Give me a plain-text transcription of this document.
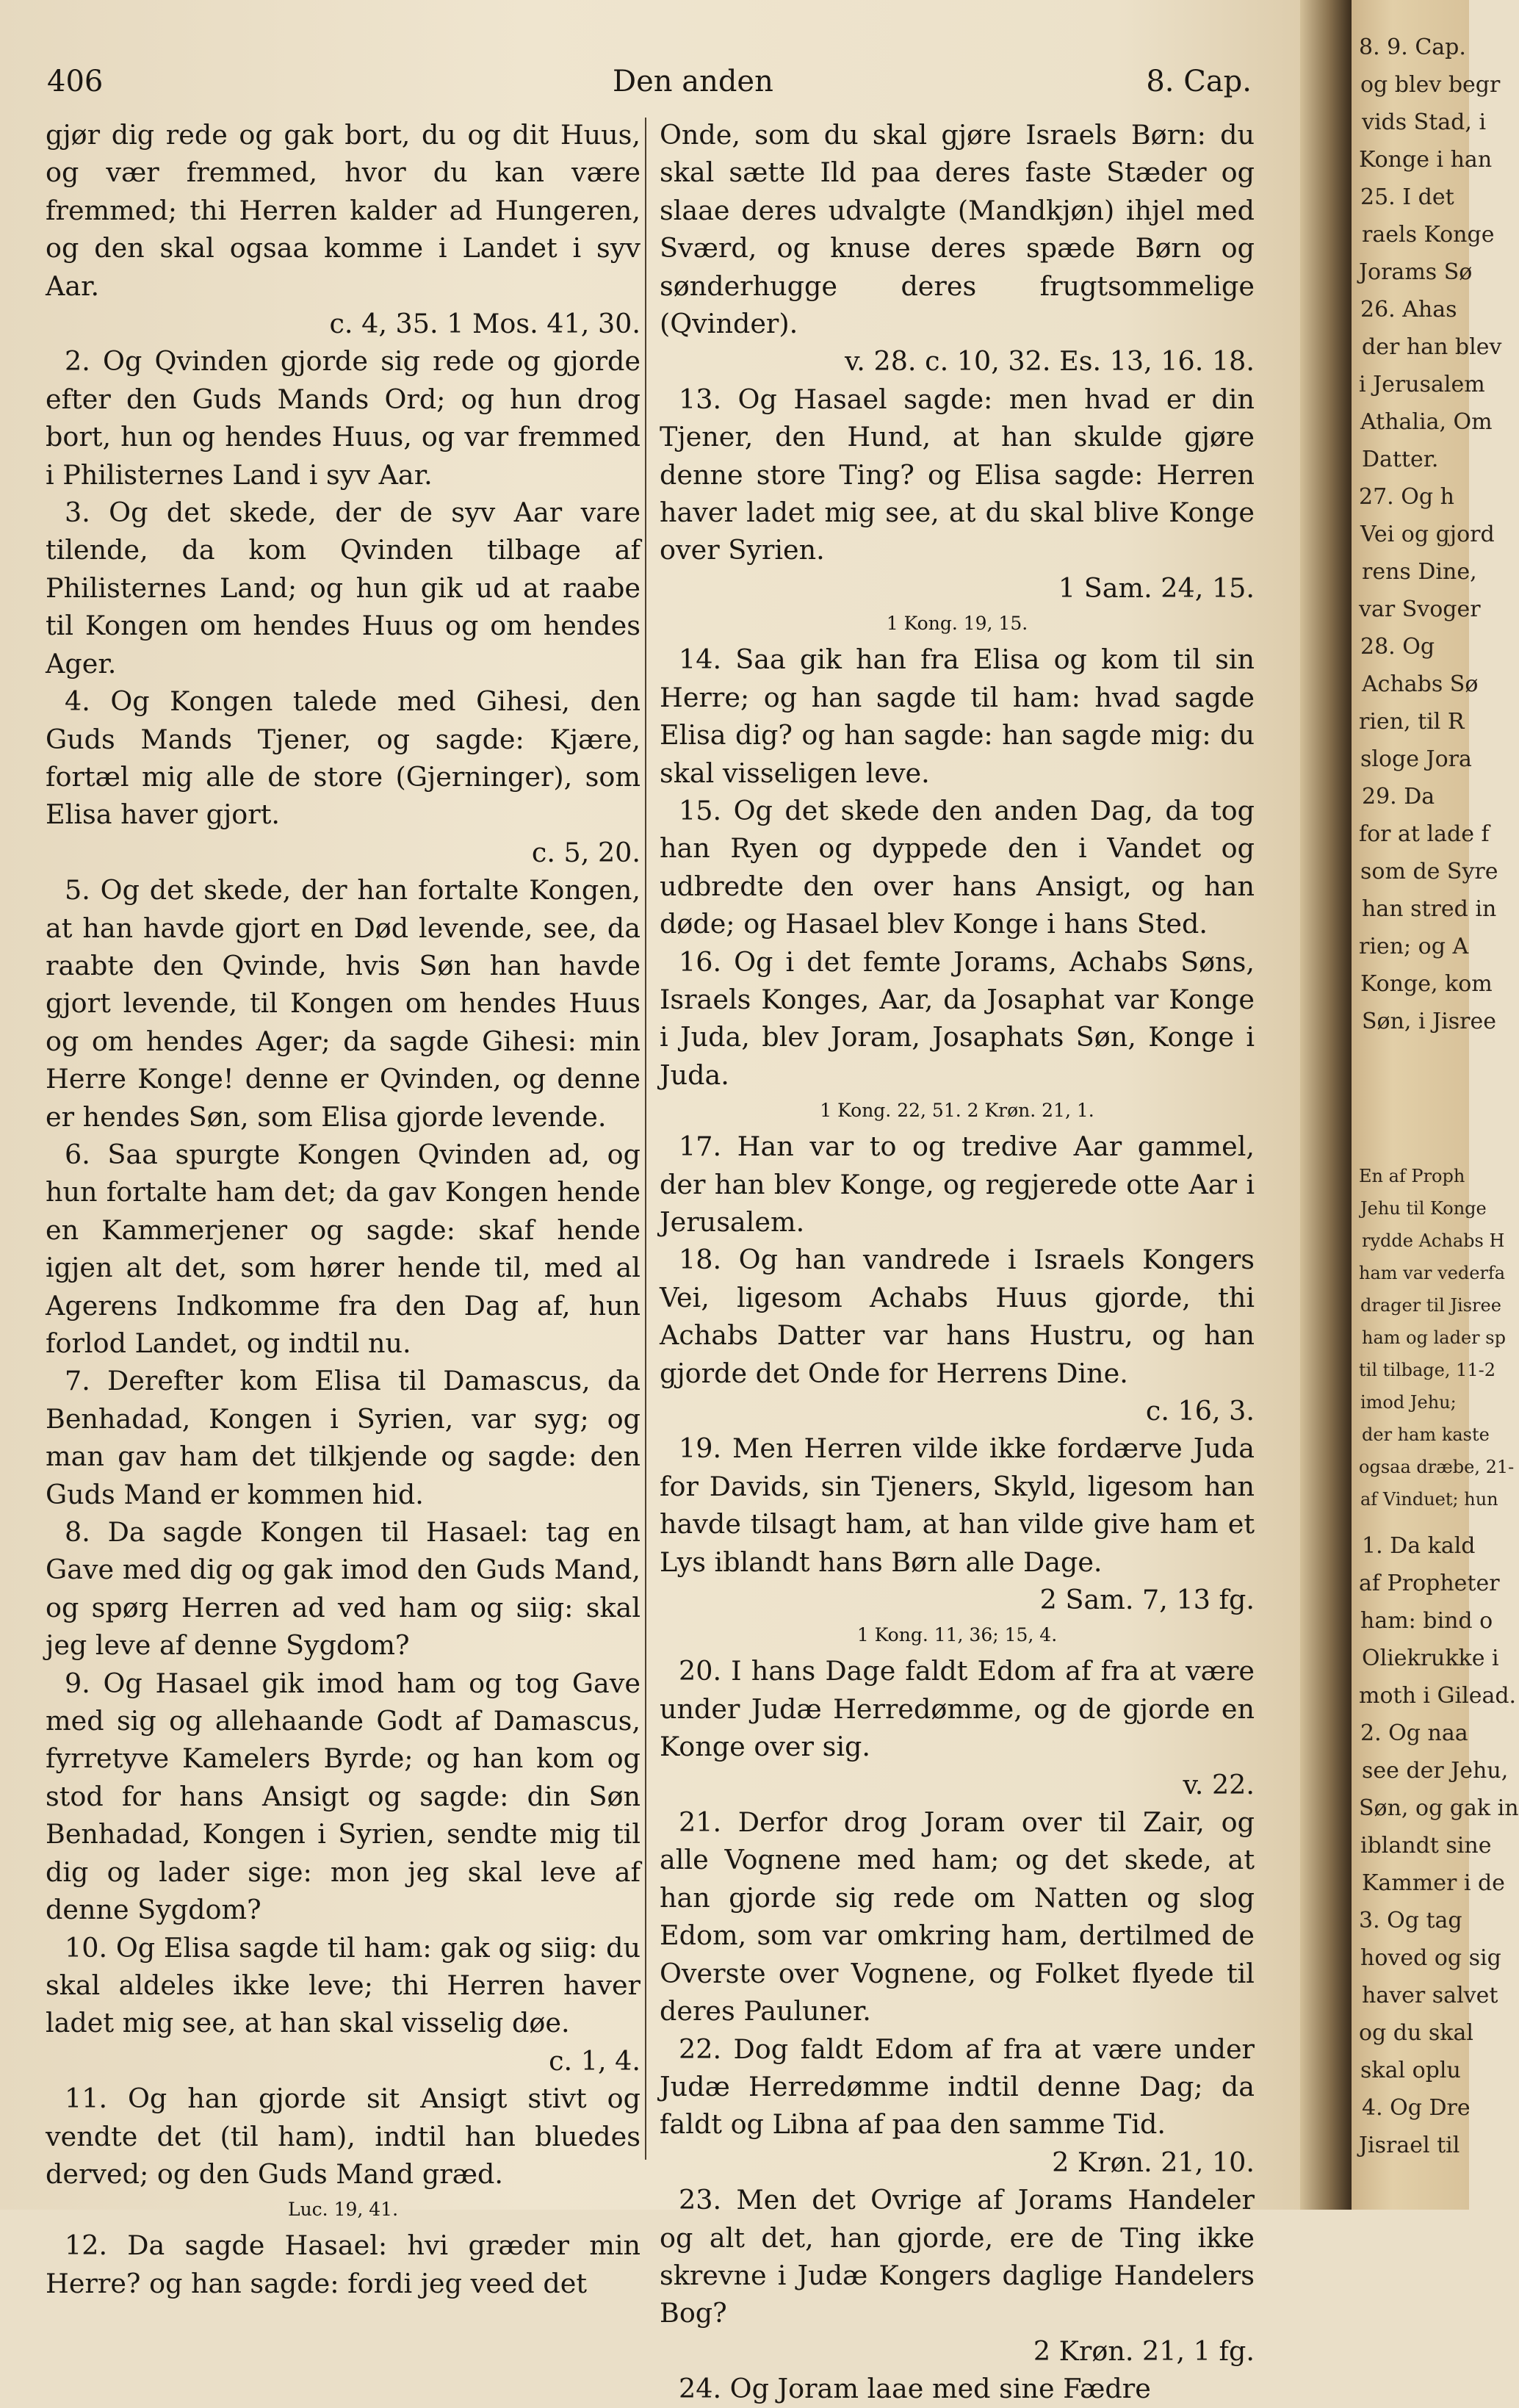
406	Den anden	8. Cap.

gjør dig rede og gak bort, du og dit Huus, og vær fremmed, hvor du kan være fremmed; thi Herren kalder ad Hungeren, og den skal ogsaa komme i Landet i syv Aar.
c. 4, 35. 1 Mos. 41, 30.

2. Og Qvinden gjorde sig rede og gjorde efter den Guds Mands Ord; og hun drog bort, hun og hendes Huus, og var fremmed i Philisternes Land i syv Aar.

3. Og det skede, der de syv Aar vare tilende, da kom Qvinden tilbage af Philisternes Land; og hun gik ud at raabe til Kongen om hendes Huus og om hendes Ager.

4. Og Kongen talede med Gihesi, den Guds Mands Tjener, og sagde: Kjære, fortæl mig alle de store (Gjerninger), som Elisa haver gjort.
c. 5, 20.

5. Og det skede, der han fortalte Kongen, at han havde gjort en Død levende, see, da raabte den Qvinde, hvis Søn han havde gjort levende, til Kongen om hendes Huus og om hendes Ager; da sagde Gihesi: min Herre Konge! denne er Qvinden, og denne er hendes Søn, som Elisa gjorde levende.

6. Saa spurgte Kongen Qvinden ad, og hun fortalte ham det; da gav Kongen hende en Kammerjener og sagde: skaf hende igjen alt det, som hører hende til, med al Agerens Indkomme fra den Dag af, hun forlod Landet, og indtil nu.

7. Derefter kom Elisa til Damascus, da Benhadad, Kongen i Syrien, var syg; og man gav ham det tilkjende og sagde: den Guds Mand er kommen hid.

8. Da sagde Kongen til Hasael: tag en Gave med dig og gak imod den Guds Mand, og spørg Herren ad ved ham og siig: skal jeg leve af denne Sygdom?

9. Og Hasael gik imod ham og tog Gave med sig og allehaande Godt af Damascus, fyrretyve Kamelers Byrde; og han kom og stod for hans Ansigt og sagde: din Søn Benhadad, Kongen i Syrien, sendte mig til dig og lader sige: mon jeg skal leve af denne Sygdom?

10. Og Elisa sagde til ham: gak og siig: du skal aldeles ikke leve; thi Herren haver ladet mig see, at han skal visselig døe.
c. 1, 4.

11. Og han gjorde sit Ansigt stivt og vendte det (til ham), indtil han bluedes derved; og den Guds Mand græd.

Luc. 19, 41.

12. Da sagde Hasael: hvi græder min Herre? og han sagde: fordi jeg veed det

Onde, som du skal gjøre Israels Børn: du skal sætte Ild paa deres faste Stæder og slaae deres udvalgte (Mandkjøn) ihjel med Sværd, og knuse deres spæde Børn og sønderhugge deres frugtsommelige (Qvinder).
v. 28. c. 10, 32. Es. 13, 16. 18.

13. Og Hasael sagde: men hvad er din Tjener, den Hund, at han skulde gjøre denne store Ting? og Elisa sagde: Herren haver ladet mig see, at du skal blive Konge over Syrien.
1 Sam. 24, 15.

1 Kong. 19, 15.

14. Saa gik han fra Elisa og kom til sin Herre; og han sagde til ham: hvad sagde Elisa dig? og han sagde: han sagde mig: du skal visseligen leve.

15. Og det skede den anden Dag, da tog han Ryen og dyppede den i Vandet og udbredte den over hans Ansigt, og han døde; og Hasael blev Konge i hans Sted.

16. Og i det femte Jorams, Achabs Søns, Israels Konges, Aar, da Josaphat var Konge i Juda, blev Joram, Josaphats Søn, Konge i Juda.

1 Kong. 22, 51. 2 Krøn. 21, 1.

17. Han var to og tredive Aar gammel, der han blev Konge, og regjerede otte Aar i Jerusalem.

18. Og han vandrede i Israels Kongers Vei, ligesom Achabs Huus gjorde, thi Achabs Datter var hans Hustru, og han gjorde det Onde for Herrens Dine.
c. 16, 3.

19. Men Herren vilde ikke fordærve Juda for Davids, sin Tjeners, Skyld, ligesom han havde tilsagt ham, at han vilde give ham et Lys iblandt hans Børn alle Dage.
2 Sam. 7, 13 fg.

1 Kong. 11, 36; 15, 4.

20. I hans Dage faldt Edom af fra at være under Judæ Herredømme, og de gjorde en Konge over sig.
v. 22.

21. Derfor drog Joram over til Zair, og alle Vognene med ham; og det skede, at han gjorde sig rede om Natten og slog Edom, som var omkring ham, dertilmed de Overste over Vognene, og Folket flyede til deres Pauluner.

22. Dog faldt Edom af fra at være under Judæ Herredømme indtil denne Dag; da faldt og Libna af paa den samme Tid.
2 Krøn. 21, 10.

23. Men det Ovrige af Jorams Handeler og alt det, han gjorde, ere de Ting ikke skrevne i Judæ Kongers daglige Handelers Bog?
2 Krøn. 21, 1 fg.

24. Og Joram laae med sine Fædre

8. 9. Cap.
og blev begr
vids Stad, i
Konge i han
25. I det
raels Konge
Jorams Sø
26. Ahas
der han blev
i Jerusalem
Athalia, Om
Datter.
27. Og h
Vei og gjord
rens Dine,
var Svoger
28. Og
Achabs Sø
rien, til R
sloge Jora
29. Da
for at lade f
som de Syre
han stred in
rien; og A
Konge, kom
Søn, i Jisree
En af Proph
Jehu til Konge
rydde Achabs H
ham var vederfa
drager til Jisree
ham og lader sp
til tilbage, 11-2
imod Jehu;
der ham kaste
ogsaa dræbe, 21-
af Vinduet; hun
1. Da kald
af Propheter
ham: bind o
Oliekrukke i
moth i Gilead.
2. Og naa
see der Jehu,
Søn, og gak in
iblandt sine
Kammer i de
3. Og tag
hoved og sig
haver salvet
og du skal
skal oplu
4. Og Dre
Jisrael til
